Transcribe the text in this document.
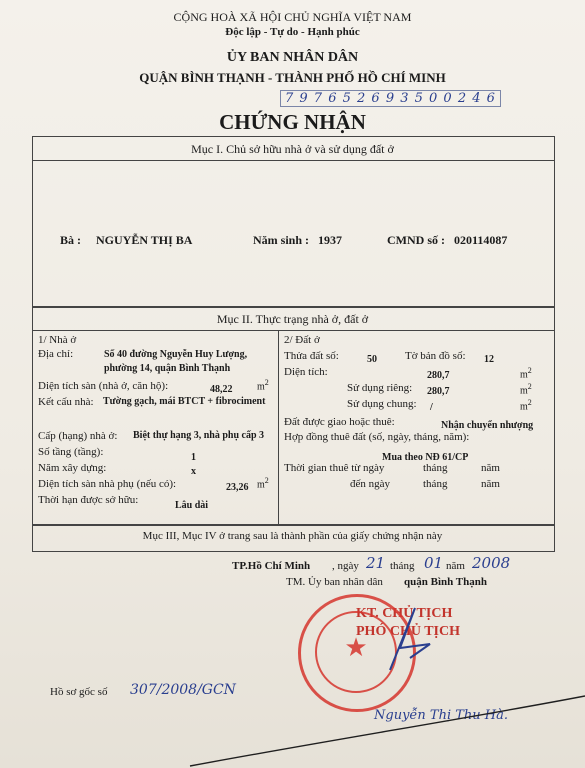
CỘNG HOÀ XÃ HỘI CHỦ NGHĨA VIỆT NAM
Độc lập - Tự do - Hạnh phúc
ỦY BAN NHÂN DÂN
QUẬN BÌNH THẠNH - THÀNH PHỐ HỒ CHÍ MINH
7 9 7 6 5 2 6 9 3 5 0 0 2 4 6
CHỨNG NHẬN
Mục I. Chủ sở hữu nhà ở và sử dụng đất ở
Bà : NGUYỄN THỊ BA	Năm sinh : 1937	CMND số : 020114087
Mục II. Thực trạng nhà ở, đất ở
1/ Nhà ở
Địa chỉ:	Số 40 đường Nguyễn Huy Lượng,
phường 14, quận Bình Thạnh
Diện tích sàn (nhà ở, căn hộ):	48,22 $m^2$
Kết cấu nhà: Tường gạch, mái BTCT + fibrociment
Cấp (hạng) nhà ở: Biệt thự hạng 3, nhà phụ cấp 3
Số tầng (tầng):	1
Năm xây dựng:	x
Diện tích sàn nhà phụ (nếu có):	23,26 $m^2$
Thời hạn được sở hữu:	Lâu dài
2/ Đất ở
Thửa đất số:	50	Tờ bản đồ số: 12
Diện tích:	280,7	$m^2$
Sử dụng riêng: 280,7	$m^2$
Sử dụng chung: /	$m^2$
Đất được giao hoặc thuê:	Nhận chuyển nhượng
Hợp đồng thuê đất (số, ngày, tháng, năm):
Mua theo NĐ 61/CP
Thời gian thuê từ ngày	tháng	năm
đến ngày	tháng	năm
Mục III, Mục IV ở trang sau là thành phần của giấy chứng nhận này
TP.Hồ Chí Minh , ngày 21 tháng 01 năm 2008
TM. Ủy ban nhân dân quận Bình Thạnh
KT. CHỦ TỊCH
PHÓ CHỦ TỊCH
★
Nguyễn Thị Thu Hà.
Hồ sơ gốc số 307/2008/GCN
